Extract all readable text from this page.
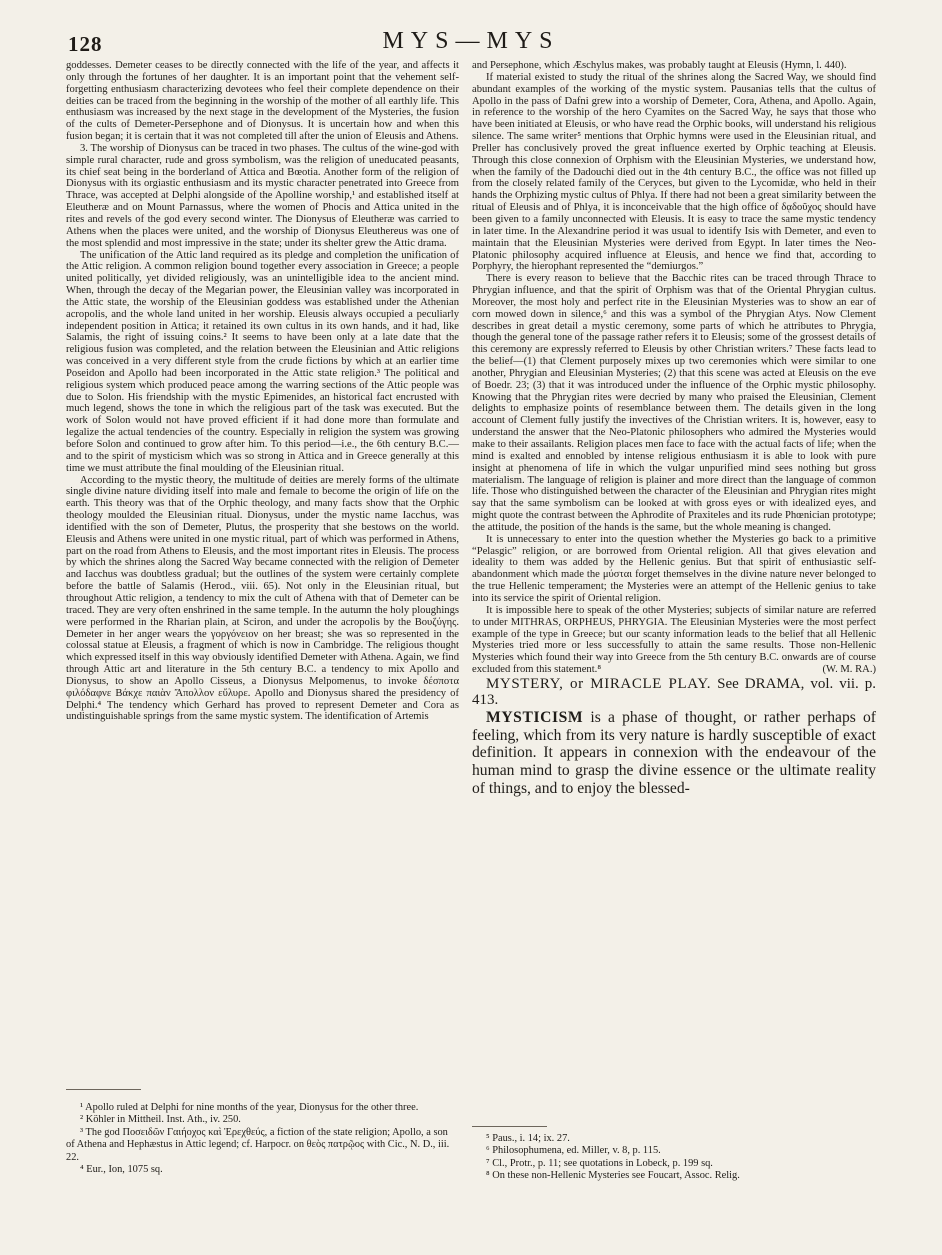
128	MYS—MYS

goddesses. Demeter ceases to be directly connected with the life of the year, and affects it only through the fortunes of her daughter. It is an important point that the vehement self-forgetting enthusiasm characterizing devotees who feel their complete dependence on their deities can be traced from the beginning in the worship of the mother of all earthly life. This enthusiasm was increased by the next stage in the development of the Mysteries, the fusion of the cults of Demeter-Persephone and of Dionysus. It is uncertain how and when this fusion began; it is certain that it was not completed till after the union of Eleusis and Athens.

3. The worship of Dionysus can be traced in two phases. The cultus of the wine-god with simple rural character, rude and gross symbolism, was the religion of uneducated peasants, its chief seat being in the borderland of Attica and Bœotia. Another form of the religion of Dionysus with its orgiastic enthusiasm and its mystic character penetrated into Greece from Thrace, was accepted at Delphi alongside of the Apolline worship,¹ and established itself at Eleutheræ and on Mount Parnassus, where the women of Phocis and Attica united in the rites and revels of the god every second winter. The Dionysus of Eleutheræ was carried to Athens when the places were united, and the worship of Dionysus Eleuthereus was one of the most splendid and most impressive in the state; under its shelter grew the Attic drama.

The unification of the Attic land required as its pledge and completion the unification of the Attic religion. A common religion bound together every association in Greece; a people united politically, yet divided religiously, was an unintelligible idea to the ancient mind. When, through the decay of the Megarian power, the Eleusinian valley was incorporated in the Attic state, the worship of the Eleusinian goddess was established under the Athenian acropolis, and the whole land united in her worship. Eleusis always occupied a peculiarly independent position in Attica; it retained its own cultus in its own hands, and it had, like Salamis, the right of issuing coins.² It seems to have been only at a late date that the religious fusion was completed, and the relation between the Eleusinian and Attic religions was conceived in a very different style from the crude fictions by which at an earlier time Poseidon and Apollo had been incorporated in the Attic state religion.³ The political and religious system which produced peace among the warring sections of the Attic people was due to Solon. His friendship with the mystic Epimenides, an historical fact encrusted with much legend, shows the tone in which the religious part of the task was executed. But the work of Solon would not have proved efficient if it had done more than formulate and legalize the actual tendencies of the country. Especially in religion the system was growing before Solon and continued to grow after him. To this period—i.e., the 6th century B.C.—and to the spirit of mysticism which was so strong in Attica and in Greece generally at this time we must attribute the final moulding of the Eleusinian ritual.

According to the mystic theory, the multitude of deities are merely forms of the ultimate single divine nature dividing itself into male and female to become the origin of life on the earth. This theory was that of the Orphic theology, and many facts show that the Orphic theology moulded the Eleusinian ritual. Dionysus, under the mystic name Iacchus, was identified with the son of Demeter, Plutus, the prosperity that she bestows on the world. Eleusis and Athens were united in one mystic ritual, part of which was performed in Athens, part on the road from Athens to Eleusis, and the most important rites in Eleusis. The process by which the shrines along the Sacred Way became connected with the religion of Demeter and Iacchus was doubtless gradual; but the outlines of the system were certainly complete before the battle of Salamis (Herod., viii. 65). Not only in the Eleusinian ritual, but throughout Attic religion, a tendency to mix the cult of Athena with that of Demeter can be traced. They are very often enshrined in the same temple. In the autumn the holy ploughings were performed in the Rharian plain, at Sciron, and under the acropolis by the Βουζύγης. Demeter in her anger wears the γοργόνειον on her breast; she was so represented in the colossal statue at Eleusis, a fragment of which is now in Cambridge. The religious thought which expressed itself in this way obviously identified Demeter with Athena. Again, we find through Attic art and literature in the 5th century B.C. a tendency to mix Apollo and Dionysus, to show an Apollo Cisseus, a Dionysus Melpomenus, to invoke δέσποτα φιλόδαφνε Βάκχε παιὰν Ἄπολλον εὔλυρε. Apollo and Dionysus shared the presidency of Delphi.⁴ The tendency which Gerhard has proved to represent Demeter and Cora as undistinguishable springs from the same mystic system. The identification of Artemis

and Persephone, which Æschylus makes, was probably taught at Eleusis (Hymn, l. 440).

If material existed to study the ritual of the shrines along the Sacred Way, we should find abundant examples of the working of the mystic system. Pausanias tells that the cultus of Apollo in the pass of Dafni grew into a worship of Demeter, Cora, Athena, and Apollo. Again, in reference to the worship of the hero Cyamites on the Sacred Way, he says that those who have been initiated at Eleusis, or who have read the Orphic books, will understand his religious silence. The same writer⁵ mentions that Orphic hymns were used in the Eleusinian ritual, and Preller has conclusively proved the great influence exerted by Orphic teaching at Eleusis. Through this close connexion of Orphism with the Eleusinian Mysteries, we understand how, when the family of the Dadouchi died out in the 4th century B.C., the office was not filled up from the closely related family of the Ceryces, but given to the Lycomidæ, who held in their hands the Orphizing mystic cultus of Phlya. If there had not been a great similarity between the ritual of Eleusis and of Phlya, it is inconceivable that the high office of δᾳδοῦχος should have been given to a family unconnected with Eleusis. It is easy to trace the same mystic tendency in later time. In the Alexandrine period it was usual to identify Isis with Demeter, and even to maintain that the Eleusinian Mysteries were derived from Egypt. In later times the Neo-Platonic philosophy acquired influence at Eleusis, and hence we find that, according to Porphyry, the hierophant represented the “demiurgos.”

There is every reason to believe that the Bacchic rites can be traced through Thrace to Phrygian influence, and that the spirit of Orphism was that of the Oriental Phrygian cultus. Moreover, the most holy and perfect rite in the Eleusinian Mysteries was to show an ear of corn mowed down in silence,⁶ and this was a symbol of the Phrygian Atys. Now Clement describes in great detail a mystic ceremony, some parts of which he attributes to Phrygia, though the general tone of the passage rather refers it to Eleusis; some of the grossest details of this ceremony are expressly referred to Eleusis by other Christian writers.⁷ These facts lead to the belief—(1) that Clement purposely mixes up two ceremonies which were similar to one another, Phrygian and Eleusinian Mysteries; (2) that this scene was acted at Eleusis on the eve of Boedr. 23; (3) that it was introduced under the influence of the Orphic mystic philosophy. Knowing that the Phrygian rites were decried by many who praised the Eleusinian, Clement delights to emphasize points of resemblance between them. The details given in the long account of Clement fully justify the invectives of the Christian writers. It is, however, easy to understand the answer that the Neo-Platonic philosophers who admired the Mysteries would make to their assailants. Religion places men face to face with the actual facts of life; when the mind is exalted and ennobled by intense religious enthusiasm it is able to look with pure insight at phenomena of life in which the vulgar unpurified mind sees nothing but gross materialism. The language of religion is plainer and more direct than the language of common life. Those who distinguished between the character of the Eleusinian and Phrygian rites might say that the same symbolism can be looked at with gross eyes or with idealized eyes, and might quote the contrast between the Aphrodite of Praxiteles and its rude Phœnician prototype; the attitude, the position of the hands is the same, but the whole meaning is changed.

It is unnecessary to enter into the question whether the Mysteries go back to a primitive “Pelasgic” religion, or are borrowed from Oriental religion. All that gives elevation and ideality to them was added by the Hellenic genius. But that spirit of enthusiastic self-abandonment which made the μύσται forget themselves in the divine nature never belonged to the true Hellenic temperament; the Mysteries were an attempt of the Hellenic genius to take into its service the spirit of Oriental religion.

It is impossible here to speak of the other Mysteries; subjects of similar nature are referred to under MITHRAS, ORPHEUS, PHRYGIA. The Eleusinian Mysteries were the most perfect example of the type in Greece; but our scanty information leads to the belief that all Hellenic Mysteries tried more or less successfully to attain the same results. Those non-Hellenic Mysteries which found their way into Greece from the 5th century B.C. onwards are of course excluded from this statement.⁸	(W. M. RA.)

MYSTERY, or MIRACLE PLAY. See DRAMA, vol. vii. p. 413.

MYSTICISM is a phase of thought, or rather perhaps of feeling, which from its very nature is hardly susceptible of exact definition. It appears in connexion with the endeavour of the human mind to grasp the divine essence or the ultimate reality of things, and to enjoy the blessed-

¹ Apollo ruled at Delphi for nine months of the year, Dionysus for the other three.

² Köhler in Mittheil. Inst. Ath., iv. 250.

³ The god Ποσειδῶν Γαιήοχος καὶ Ἐρεχθεύς, a fiction of the state religion; Apollo, a son of Athena and Hephæstus in Attic legend; cf. Harpocr. on θεὸς πατρῷος with Cic., N. D., iii. 22.

⁴ Eur., Ion, 1075 sq.

⁵ Paus., i. 14; ix. 27.

⁶ Philosophumena, ed. Miller, v. 8, p. 115.

⁷ Cl., Protr., p. 11; see quotations in Lobeck, p. 199 sq.

⁸ On these non-Hellenic Mysteries see Foucart, Assoc. Relig.
